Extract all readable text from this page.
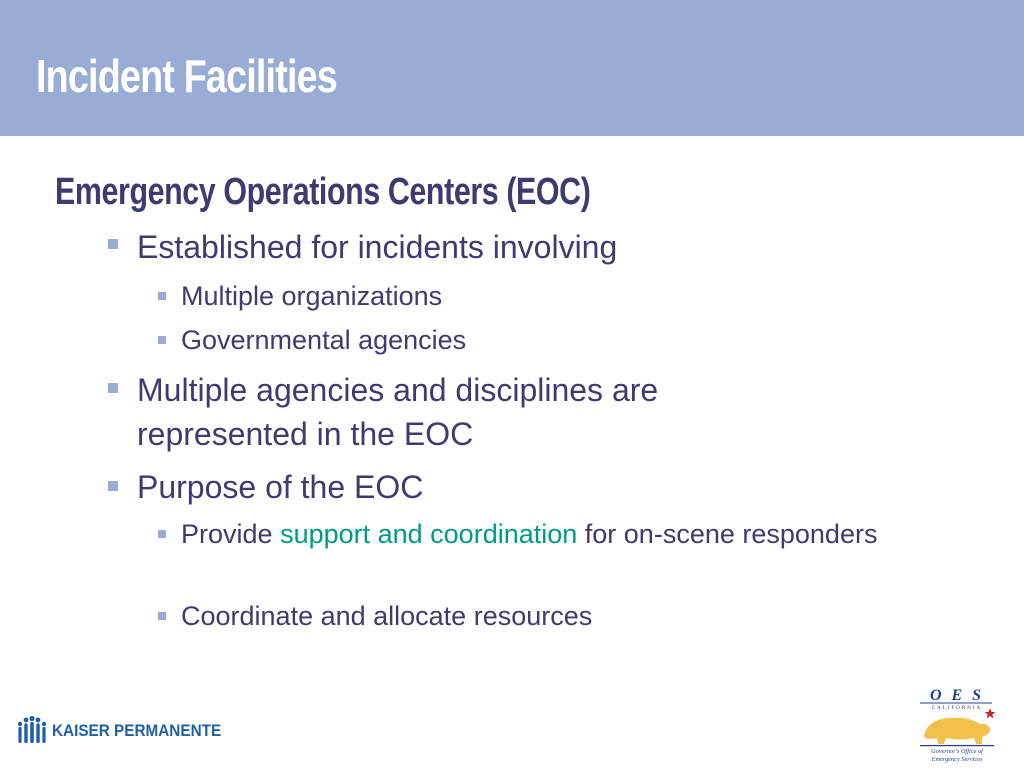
Incident Facilities
Emergency Operations Centers (EOC)
Established for incidents involving
Multiple organizations
Governmental agencies
Multiple agencies and disciplines are represented in the EOC
Purpose of the EOC
Provide support and coordination for on-scene responders
Coordinate and allocate resources
KAISER PERMANENTE
O E S
CALIFORNIA
Governor's Office of
Emergency Services
